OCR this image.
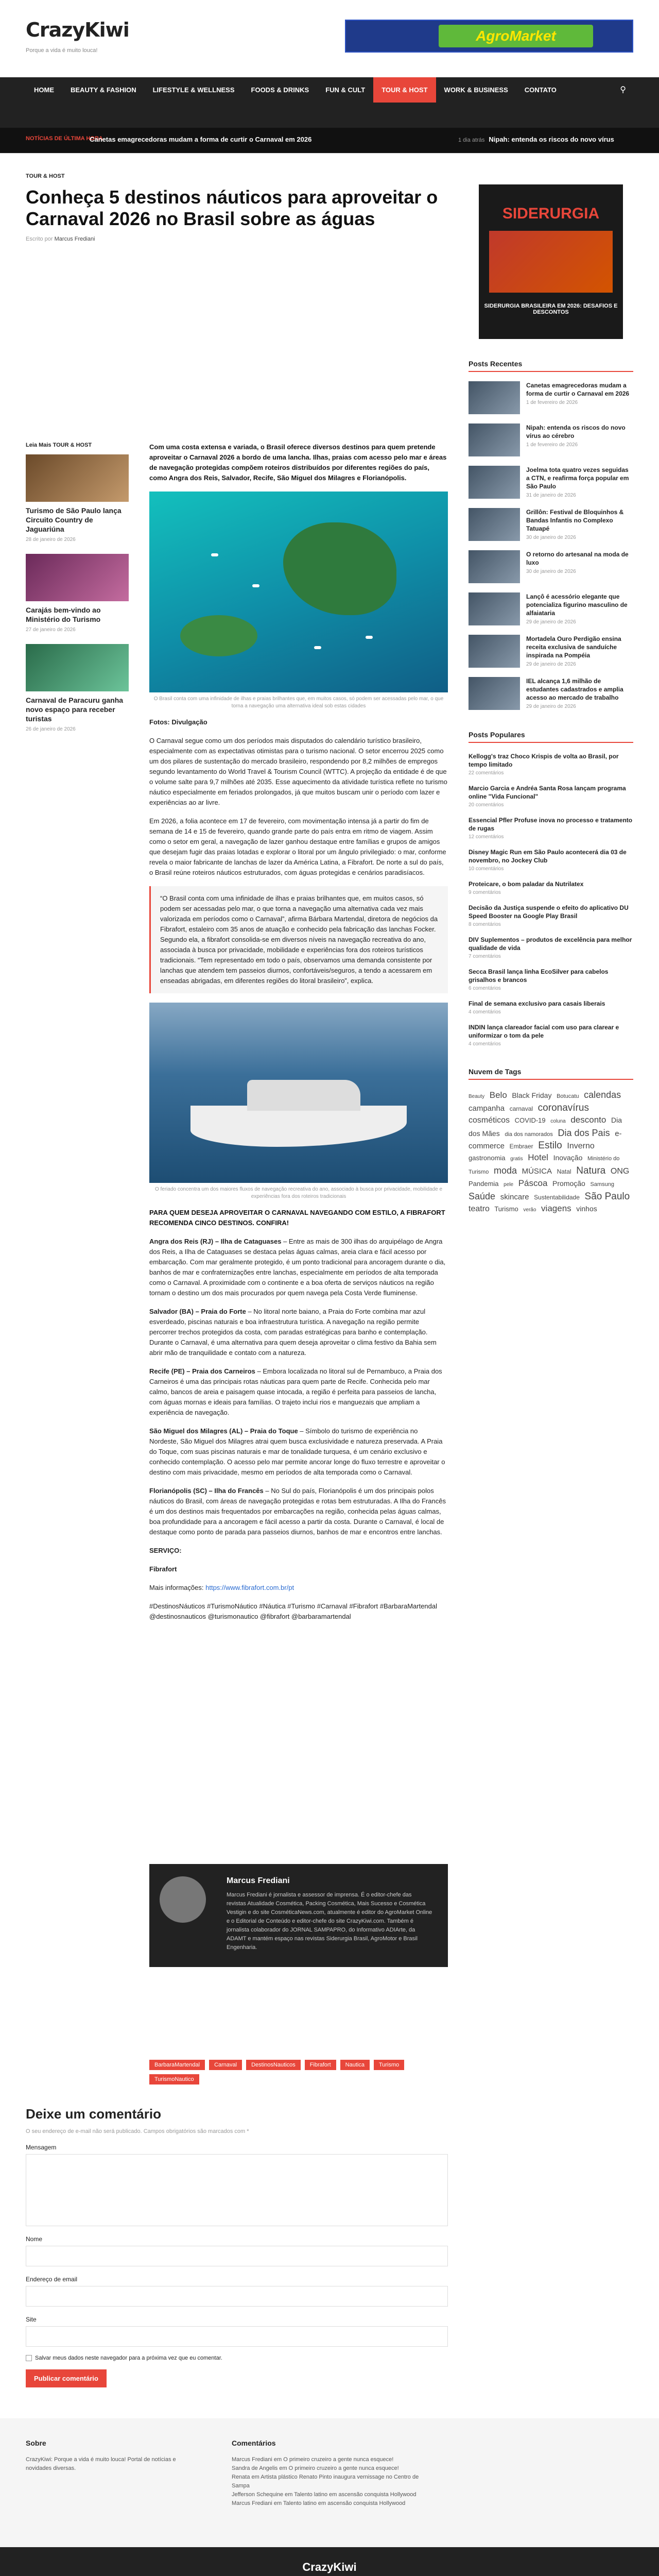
CrazyKiwi
Porque a vida é muito louca!
AgroMarket
HOME	BEAUTY & FASHION	LIFESTYLE & WELLNESS	FOODS & DRINKS	FUN & CULT	TOUR & HOST	WORK & BUSINESS	CONTATO	⚲
NOTÍCIAS DE ÚLTIMA HORA
Canetas emagrecedoras mudam a forma de curtir o Carnaval em 2026	1 dia atrás Nipah: entenda os riscos do novo vírus
TOUR & HOST
Conheça 5 destinos náuticos para aproveitar o Carnaval 2026 no Brasil sobre as águas
Escrito por Marcus Frediani
Leia Mais TOUR & HOST
Turismo de São Paulo lança Circuito Country de Jaguariúna
28 de janeiro de 2026
Carajás bem-vindo ao Ministério do Turismo
27 de janeiro de 2026
Carnaval de Paracuru ganha novo espaço para receber turistas
26 de janeiro de 2026

Com uma costa extensa e variada, o Brasil oferece diversos destinos para quem pretende aproveitar o Carnaval 2026 a bordo de uma lancha. Ilhas, praias com acesso pelo mar e áreas de navegação protegidas compõem roteiros distribuídos por diferentes regiões do país, como Angra dos Reis, Salvador, Recife, São Miguel dos Milagres e Florianópolis.

O Brasil conta com uma infinidade de ilhas e praias brilhantes que, em muitos casos, só podem ser acessadas pelo mar, o que torna a navegação uma alternativa ideal sob estas cidades

Fotos: Divulgação

O Carnaval segue como um dos períodos mais disputados do calendário turístico brasileiro, especialmente com as expectativas otimistas para o turismo nacional. O setor encerrou 2025 como um dos pilares de sustentação do mercado brasileiro, respondendo por 8,2 milhões de empregos segundo levantamento do World Travel & Tourism Council (WTTC). A projeção da entidade é de que o volume salte para 9,7 milhões até 2035. Esse aquecimento da atividade turística reflete no turismo náutico especialmente em feriados prolongados, já que muitos buscam unir o período com lazer e experiências ao ar livre.

Em 2026, a folia acontece em 17 de fevereiro, com movimentação intensa já a partir do fim de semana de 14 e 15 de fevereiro, quando grande parte do país entra em ritmo de viagem. Assim como o setor em geral, a navegação de lazer ganhou destaque entre famílias e grupos de amigos que desejam fugir das praias lotadas e explorar o litoral por um ângulo privilegiado: o mar, conforme revela o maior fabricante de lanchas de lazer da América Latina, a Fibrafort. De norte a sul do país, o Brasil reúne roteiros náuticos estruturados, com águas protegidas e cenários paradisíacos.

“O Brasil conta com uma infinidade de ilhas e praias brilhantes que, em muitos casos, só podem ser acessadas pelo mar, o que torna a navegação uma alternativa cada vez mais valorizada em períodos como o Carnaval”, afirma Bárbara Martendal, diretora de negócios da Fibrafort, estaleiro com 35 anos de atuação e conhecido pela fabricação das lanchas Focker. Segundo ela, a fibrafort consolida-se em diversos níveis na navegação recreativa do ano, associada à busca por privacidade, mobilidade e experiências fora dos roteiros turísticos tradicionais. “Tem representado em todo o país, observamos uma demanda consistente por lanchas que atendem tem passeios diurnos, confortáveis/seguros, a tendo a acessarem em enseadas abrigadas, em diferentes regiões do litoral brasileiro”, explica.
O feriado concentra um dos maiores fluxos de navegação recreativa do ano, associado à busca por privacidade, mobilidade e experiências fora dos roteiros tradicionais

PARA QUEM DESEJA APROVEITAR O CARNAVAL NAVEGANDO COM ESTILO, A FIBRAFORT RECOMENDA CINCO DESTINOS. CONFIRA!

Angra dos Reis (RJ) – Ilha de Cataguases – Entre as mais de 300 ilhas do arquipélago de Angra dos Reis, a Ilha de Cataguases se destaca pelas águas calmas, areia clara e fácil acesso por embarcação. Com mar geralmente protegido, é um ponto tradicional para ancoragem durante o dia, banhos de mar e confraternizações entre lanchas, especialmente em períodos de alta temporada como o Carnaval. A proximidade com o continente e a boa oferta de serviços náuticos na região tornam o destino um dos mais procurados por quem navega pela Costa Verde fluminense.

Salvador (BA) – Praia do Forte – No litoral norte baiano, a Praia do Forte combina mar azul esverdeado, piscinas naturais e boa infraestrutura turística. A navegação na região permite percorrer trechos protegidos da costa, com paradas estratégicas para banho e contemplação. Durante o Carnaval, é uma alternativa para quem deseja aproveitar o clima festivo da Bahia sem abrir mão de tranquilidade e contato com a natureza.

Recife (PE) – Praia dos Carneiros – Embora localizada no litoral sul de Pernambuco, a Praia dos Carneiros é uma das principais rotas náuticas para quem parte de Recife. Conhecida pelo mar calmo, bancos de areia e paisagem quase intocada, a região é perfeita para passeios de lancha, com águas mornas e ideais para famílias. O trajeto inclui rios e manguezais que ampliam a experiência de navegação.

São Miguel dos Milagres (AL) – Praia do Toque – Símbolo do turismo de experiência no Nordeste, São Miguel dos Milagres atrai quem busca exclusividade e natureza preservada. A Praia do Toque, com suas piscinas naturais e mar de tonalidade turquesa, é um cenário exclusivo e conhecido contemplação. O acesso pelo mar permite ancorar longe do fluxo terrestre e aproveitar o destino com mais privacidade, mesmo em períodos de alta temporada como o Carnaval.

Florianópolis (SC) – Ilha do Francês – No Sul do país, Florianópolis é um dos principais polos náuticos do Brasil, com áreas de navegação protegidas e rotas bem estruturadas. A Ilha do Francês é um dos destinos mais frequentados por embarcações na região, conhecida pelas águas calmas, boa profundidade para a ancoragem e fácil acesso a partir da costa. Durante o Carnaval, é local de destaque como ponto de parada para passeios diurnos, banhos de mar e encontros entre lanchas.

SERVIÇO:

Fibrafort

Mais informações: https://www.fibrafort.com.br/pt

#DestinosNáuticos #TurismoNáutico #Náutica #Turismo #Carnaval #Fibrafort #BarbaraMartendal @destinosnauticos @turismonautico @fibrafort @barbaramartendal

SIDERURGIA
SIDERURGIA BRASILEIRA EM 2026: DESAFIOS E DESCONTOS
Posts Recentes
Canetas emagrecedoras mudam a forma de curtir o Carnaval em 2026
1 de fevereiro de 2026
Nipah: entenda os riscos do novo vírus ao cérebro
1 de fevereiro de 2026
Joelma tota quatro vezes seguidas a CTN, e reafirma força popular em São Paulo
31 de janeiro de 2026
Grillôn: Festival de Bloquinhos & Bandas Infantis no Complexo Tatuapé
30 de janeiro de 2026
O retorno do artesanal na moda de luxo
30 de janeiro de 2026
Lançô é acessório elegante que potencializa figurino masculino de alfaiataria
29 de janeiro de 2026
Mortadela Ouro Perdigão ensina receita exclusiva de sanduíche inspirada na Pompéia
29 de janeiro de 2026
IEL alcança 1,6 milhão de estudantes cadastrados e amplia acesso ao mercado de trabalho
29 de janeiro de 2026
Posts Populares
Kellogg's traz Choco Krispis de volta ao Brasil, por tempo limitado
22 comentários
Marcio Garcia e Andréa Santa Rosa lançam programa online "Vida Funcional"
20 comentários
Essencial Pfler Profuse inova no processo e tratamento de rugas
12 comentários
Disney Magic Run em São Paulo acontecerá dia 03 de novembro, no Jockey Club
10 comentários
Proteicare, o bom paladar da Nutrilatex
9 comentários
Decisão da Justiça suspende o efeito do aplicativo DU Speed Booster na Google Play Brasil
8 comentários
DIV Suplementos – produtos de excelência para melhor qualidade de vida
7 comentários
Secca Brasil lança linha EcoSilver para cabelos grisalhos e brancos
6 comentários
Final de semana exclusivo para casais liberais
4 comentários
INDIN lança clareador facial com uso para clarear e uniformizar o tom da pele
4 comentários
Nuvem de Tags
Beauty Belo Black Friday Botucatu calendas campanha carnaval coronavírus cosméticos COVID-19 coluna desconto Dia dos Mães dia dos namorados Dia dos Pais e-commerce Embraer Estilo Inverno gastronomia gratis Hotel Inovação Ministério do Turismo moda MÚSICA Natal Natura ONG Pandemia pele Páscoa Promoção Samsung Saúde skincare Sustentabilidade São Paulo teatro Turismo verão viagens vinhos
BarbaraMartendal	Carnaval	DestinosNauticos	Fibrafort	Nautica	Turismo
TurismoNautico
Marcus Frediani

Marcus Frediani é jornalista e assessor de imprensa. É o editor-chefe das revistas Atualidade Cosmética, Packing Cosmética, Mais Sucesso e Cosmética Vestigin e do site CosméticaNews.com, atualmente é editor do AgroMarket Online e o Editorial de Conteúdo e editor-chefe do site CrazyKiwi.com. Também é jornalista colaborador do JORNAL SAMPAPRO, do Informativo ADIArte, da ADAMT e mantém espaço nas revistas Siderurgia Brasil, AgroMotor e Brasil Engenharia.

Deixe um comentário
O seu endereço de e-mail não será publicado. Campos obrigatórios são marcados com *
Mensagem
Nome
Endereço de email
Site
Salvar meus dados neste navegador para a próxima vez que eu comentar.
Publicar comentário
Sobre

CrazyKiwi: Porque a vida é muito louca! Portal de notícias e novidades diversas.

Comentários

Marcus Frediani em O primeiro cruzeiro a gente nunca esquece!

Sandra de Angelis em O primeiro cruzeiro a gente nunca esquece!

Renata em Artista plástico Renato Pinto inaugura vernissage no Centro de Sampa

Jefferson Schequine em Talento latino em ascensão conquista Hollywood

Marcus Frediani em Talento latino em ascensão conquista Hollywood

CrazyKiwi
